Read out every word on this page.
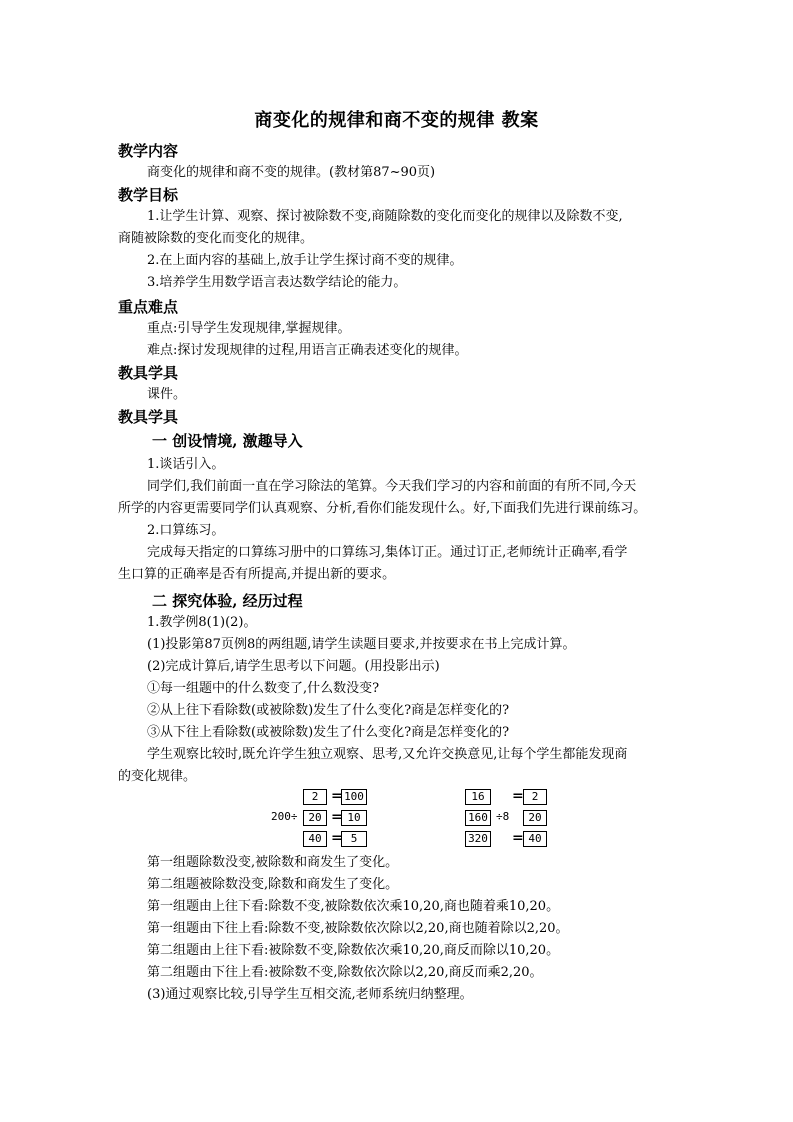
商变化的规律和商不变的规律 教案
教学内容
商变化的规律和商不变的规律。(教材第87~90页)
教学目标
1.让学生计算、观察、探讨被除数不变,商随除数的变化而变化的规律以及除数不变,
商随被除数的变化而变化的规律。
2.在上面内容的基础上,放手让学生探讨商不变的规律。
3.培养学生用数学语言表达数学结论的能力。
重点难点
重点:引导学生发现规律,掌握规律。
难点:探讨发现规律的过程,用语言正确表述变化的规律。
教具学具
课件。
教具学具
一 创设情境, 激趣导入
1.谈话引入。
同学们,我们前面一直在学习除法的笔算。今天我们学习的内容和前面的有所不同,今天
所学的内容更需要同学们认真观察、分析,看你们能发现什么。好,下面我们先进行课前练习。
2.口算练习。
完成每天指定的口算练习册中的口算练习,集体订正。通过订正,老师统计正确率,看学
生口算的正确率是否有所提高,并提出新的要求。
二 探究体验, 经历过程
1.教学例8(1)(2)。
(1)投影第87页例8的两组题,请学生读题目要求,并按要求在书上完成计算。
(2)完成计算后,请学生思考以下问题。(用投影出示)
①每一组题中的什么数变了,什么数没变?
②从上往下看除数(或被除数)发生了什么变化?商是怎样变化的?
③从下往上看除数(或被除数)发生了什么变化?商是怎样变化的?
学生观察比较时,既允许学生独立观察、思考,又允许交换意见,让每个学生都能发现商
的变化规律。
200÷
2
20
40
=
=
=
100
10
5
16
160
320
÷8
=
=
2
20
40
第一组题除数没变,被除数和商发生了变化。
第二组题被除数没变,除数和商发生了变化。
第一组题由上往下看:除数不变,被除数依次乘10,20,商也随着乘10,20。
第一组题由下往上看:除数不变,被除数依次除以2,20,商也随着除以2,20。
第二组题由上往下看:被除数不变,除数依次乘10,20,商反而除以10,20。
第二组题由下往上看:被除数不变,除数依次除以2,20,商反而乘2,20。
(3)通过观察比较,引导学生互相交流,老师系统归纳整理。
